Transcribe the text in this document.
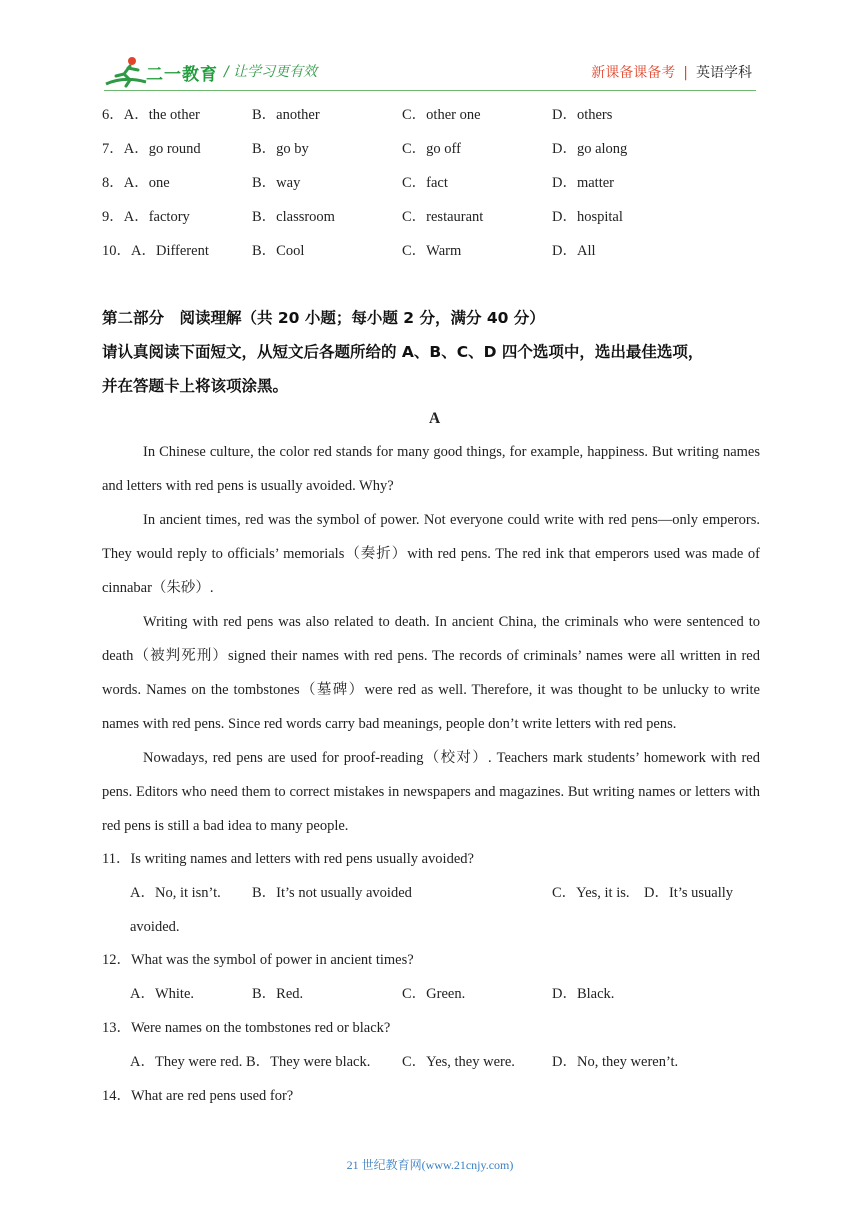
二一教育 / 让学习更有效	新课备课备考 | 英语学科
6．A．the other	B．another	C．other one	D．others
7．A．go round	B．go by	C．go off	D．go along
8．A．one	B．way	C．fact	D．matter
9．A．factory	B．classroom	C．restaurant	D．hospital
10．A．Different	B．Cool	C．Warm	D．All
第二部分　阅读理解（共 20 小题；每小题 2 分，满分 40 分）
请认真阅读下面短文，从短文后各题所给的 A、B、C、D 四个选项中，选出最佳选项，
并在答题卡上将该项涂黑。
A

In Chinese culture, the color red stands for many good things, for example, happiness. But writing names and letters with red pens is usually avoided. Why?

In ancient times, red was the symbol of power. Not everyone could write with red pens—only emperors. They would reply to officials’ memorials（奏折）with red pens. The red ink that emperors used was made of cinnabar（朱砂）.

Writing with red pens was also related to death. In ancient China, the criminals who were sentenced to death（被判死刑）signed their names with red pens. The records of criminals’ names were all written in red words. Names on the tombstones（墓碑）were red as well. Therefore, it was thought to be unlucky to write names with red pens. Since red words carry bad meanings, people don’t write letters with red pens.

Nowadays, red pens are used for proof-reading（校对）. Teachers mark students’ homework with red pens. Editors who need them to correct mistakes in newspapers and magazines. But writing names or letters with red pens is still a bad idea to many people.

11．Is writing names and letters with red pens usually avoided?
A．No, it isn’t. B．It’s not usually avoided	C．Yes, it is.　D．It’s usually
avoided.
12．What was the symbol of power in ancient times?
A．White.	B．Red.	C．Green.	D．Black.
13．Were names on the tombstones red or black?
A．They were red. B．They were black. C．Yes, they were.	D．No, they weren’t.
14．What are red pens used for?
21 世纪教育网(www.21cnjy.com)
